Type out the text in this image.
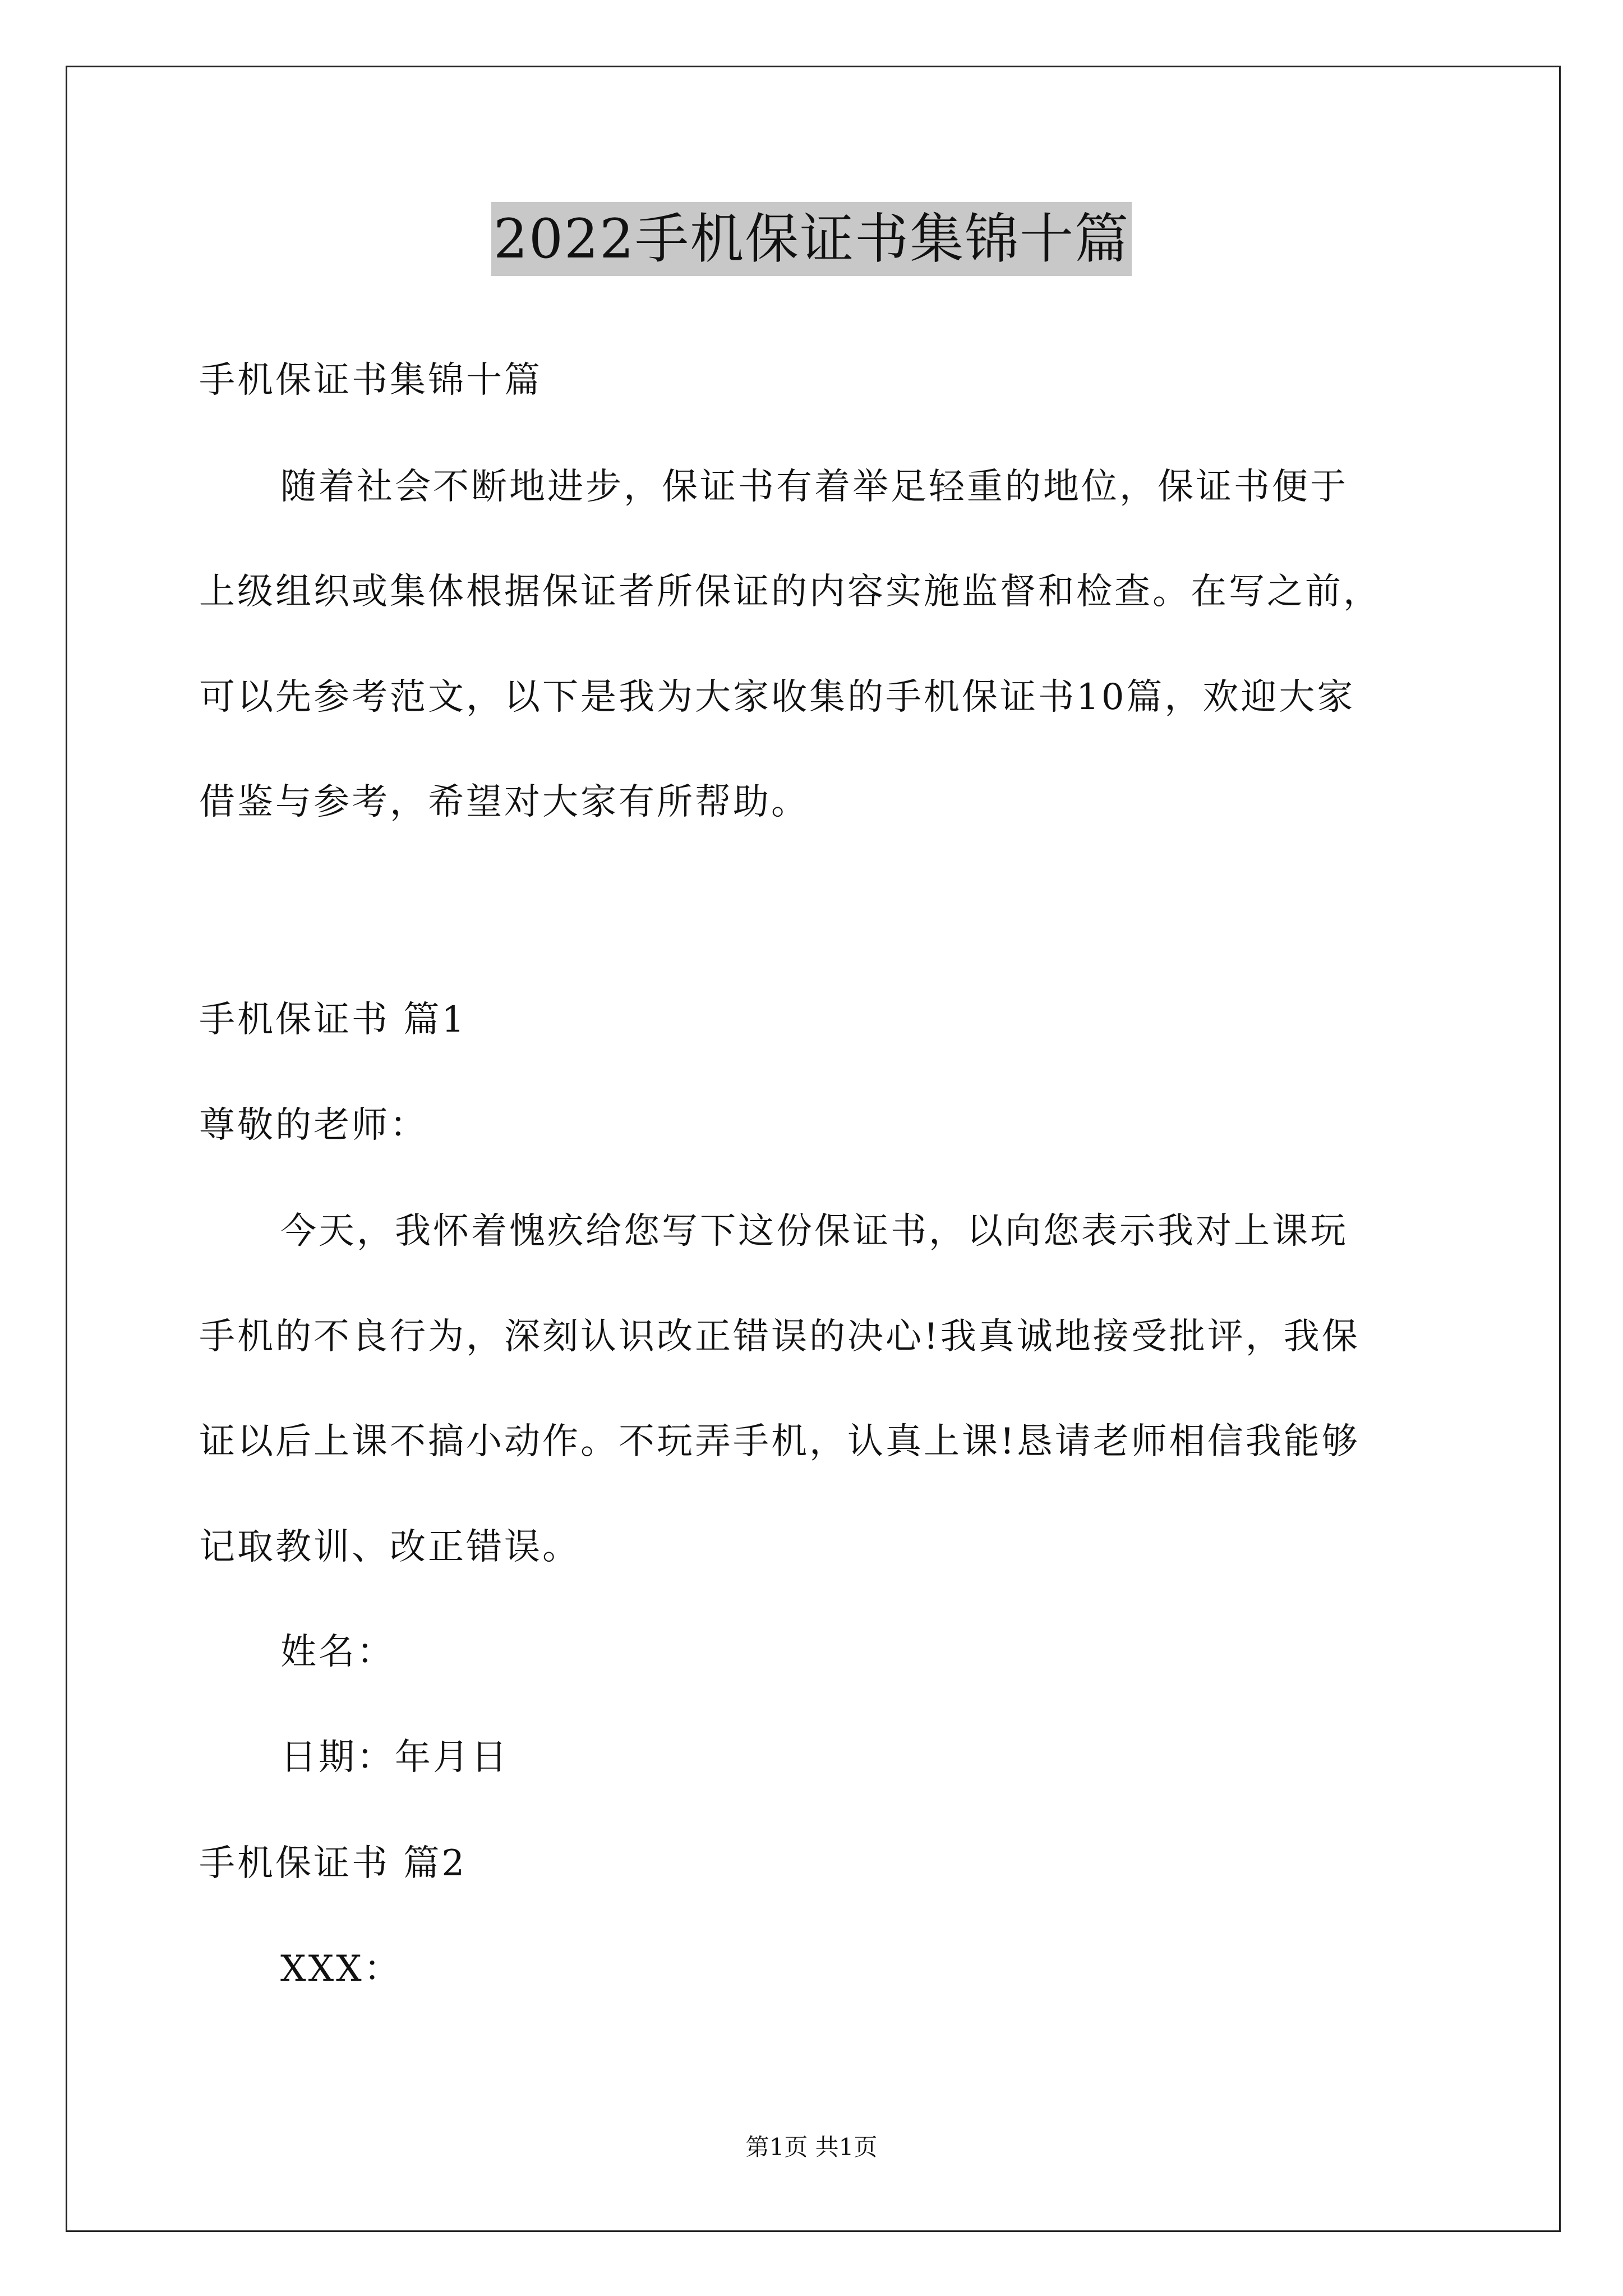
2022手机保证书集锦十篇
手机保证书集锦十篇
随着社会不断地进步，保证书有着举足轻重的地位，保证书便于
上级组织或集体根据保证者所保证的内容实施监督和检查。在写之前，
可以先参考范文，以下是我为大家收集的手机保证书10篇，欢迎大家
借鉴与参考，希望对大家有所帮助。
手机保证书 篇1
尊敬的老师：
今天，我怀着愧疚给您写下这份保证书，以向您表示我对上课玩
手机的不良行为，深刻认识改正错误的决心!我真诚地接受批评，我保
证以后上课不搞小动作。不玩弄手机，认真上课!恳请老师相信我能够
记取教训、改正错误。
姓名：
日期：年月日
手机保证书 篇2
XXX：
第1页 共1页
